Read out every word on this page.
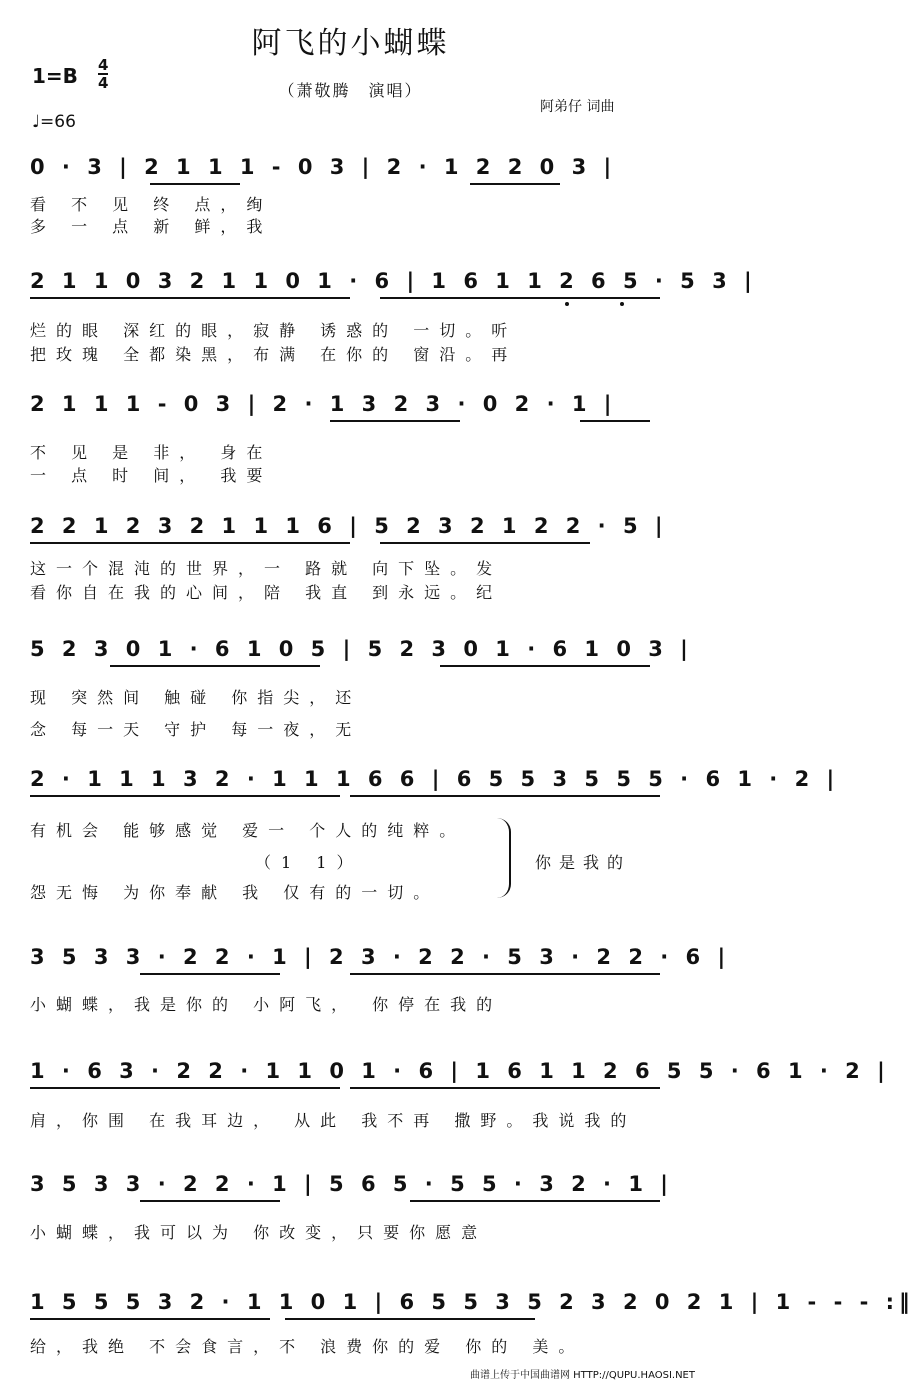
阿飞的小蝴蝶
1=B 4
4	（萧敬腾　演唱）
阿弟仔 词曲
♩=66
0 · 3 | 2 1 1 1 - 0 3 | 2 · 1 2 2 0 3 |
看 不 见 终 点，绚
多 一 点 新 鲜，我
2 1 1 0 3 2 1 1 0 1 · 6 | 1 6 1 1 2 6 5 · 5 3 |
烂的眼 深红的眼，寂静 诱惑的 一切。听
把玫瑰 全都染黑，布满 在你的 窗沿。再
2 1 1 1 - 0 3 | 2 · 1 3 2 3 · 0 2 · 1 |
不 见 是 非， 身在
一 点 时 间， 我要
2 2 1 2 3 2 1 1 1 6 | 5 2 3 2 1 2 2 · 5 |
这一个混沌的世界，一 路就 向下坠。发
看你自在我的心间，陪 我直 到永远。纪
5 2 3 0 1 · 6 1 0 5 | 5 2 3 0 1 · 6 1 0 3 |
现 突然间 触碰 你指尖，还
念 每一天 守护 每一夜，无
2 · 1 1 1 3 2 · 1 1 1 6 6 | 6 5 5 3 5 5 5 · 6 1 · 2 |
有机会 能够感觉 爱一 个人的纯粹。
（1 1）
怨无悔 为你奉献 我 仅有的一切。
你是我的
3 5 3 3 · 2 2 · 1 | 2 3 · 2 2 · 5 3 · 2 2 · 6 |
小蝴蝶，我是你的 小阿飞， 你停在我的
1 · 6 3 · 2 2 · 1 1 0 1 · 6 | 1 6 1 1 2 6 5 5 · 6 1 · 2 |
肩，你围 在我耳边， 从此 我不再 撒野。我说我的
3 5 3 3 · 2 2 · 1 | 5 6 5 · 5 5 · 3 2 · 1 |
小蝴蝶，我可以为 你改变，只要你愿意
1 5 5 5 3 2 · 1 1 0 1 | 6 5 5 3 5 2 3 2 0 2 1 | 1 - - - :‖
给，我绝 不会食言，不 浪费你的爱 你的 美。
曲谱上传于中国曲谱网 HTTP://QUPU.HAOSI.NET
